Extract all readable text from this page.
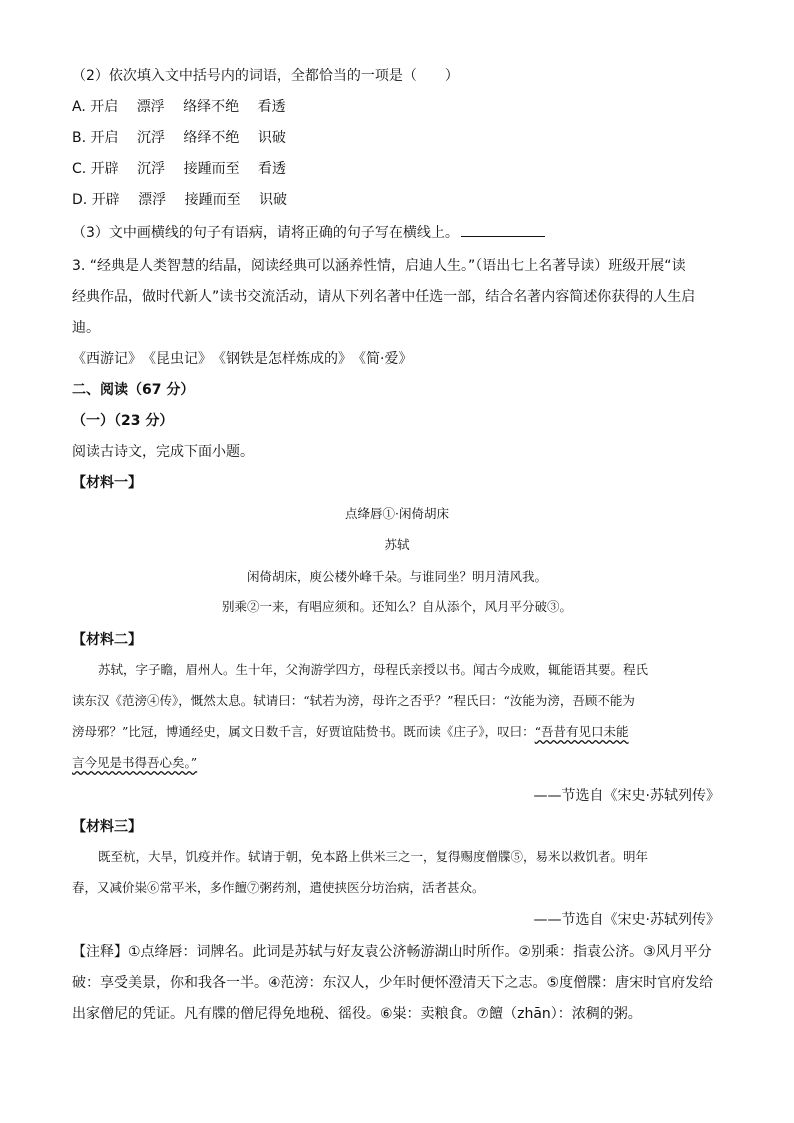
（2）依次填入文中括号内的词语，全都恰当的一项是（　　）
A. 开启 漂浮 络绎不绝 看透
B. 开启 沉浮 络绎不绝 识破
C. 开辟 沉浮 接踵而至 看透
D. 开辟 漂浮 接踵而至 识破
（3）文中画横线的句子有语病，请将正确的句子写在横线上。
3. “经典是人类智慧的结晶，阅读经典可以涵养性情，启迪人生。”（语出七上名著导读）班级开展“读
经典作品，做时代新人”读书交流活动，请从下列名著中任选一部，结合名著内容简述你获得的人生启
迪。
《西游记》　《昆虫记》　《钢铁是怎样炼成的》　《简·爱》
二、阅读（67 分）
（一）（23 分）
阅读古诗文，完成下面小题。
【材料一】
点绛唇①·闲倚胡床
苏轼
闲倚胡床，庾公楼外峰千朵。与谁同坐？明月清风我。
别乘②一来，有唱应须和。还知么？自从添个，风月平分破③。
【材料二】
苏轼，字子瞻，眉州人。生十年，父洵游学四方，母程氏亲授以书。闻古今成败，辄能语其要。程氏
读东汉《范滂④传》，慨然太息。轼请曰：“轼若为滂，母许之否乎？”程氏曰：“汝能为滂，吾顾不能为
滂母邪？”比冠，博通经史，属文日数千言，好贾谊陆贽书。既而读《庄子》，叹曰：“吾昔有见口未能
言今见是书得吾心矣。”
——节选自《宋史·苏轼列传》
【材料三】
既至杭，大旱，饥疫并作。轼请于朝，免本路上供米三之一，复得赐度僧牒⑤，易米以救饥者。明年
春，又减价粜⑥常平米，多作饘⑦粥药剂，遣使挟医分坊治病，活者甚众。
——节选自《宋史·苏轼列传》
【注释】①点绛唇：词牌名。此词是苏轼与好友袁公济畅游湖山时所作。②别乘：指袁公济。③风月平分
破：享受美景，你和我各一半。④范滂：东汉人，少年时便怀澄清天下之志。⑤度僧牒：唐宋时官府发给
出家僧尼的凭证。凡有牒的僧尼得免地税、徭役。⑥粜：卖粮食。⑦饘（zhān）：浓稠的粥。
